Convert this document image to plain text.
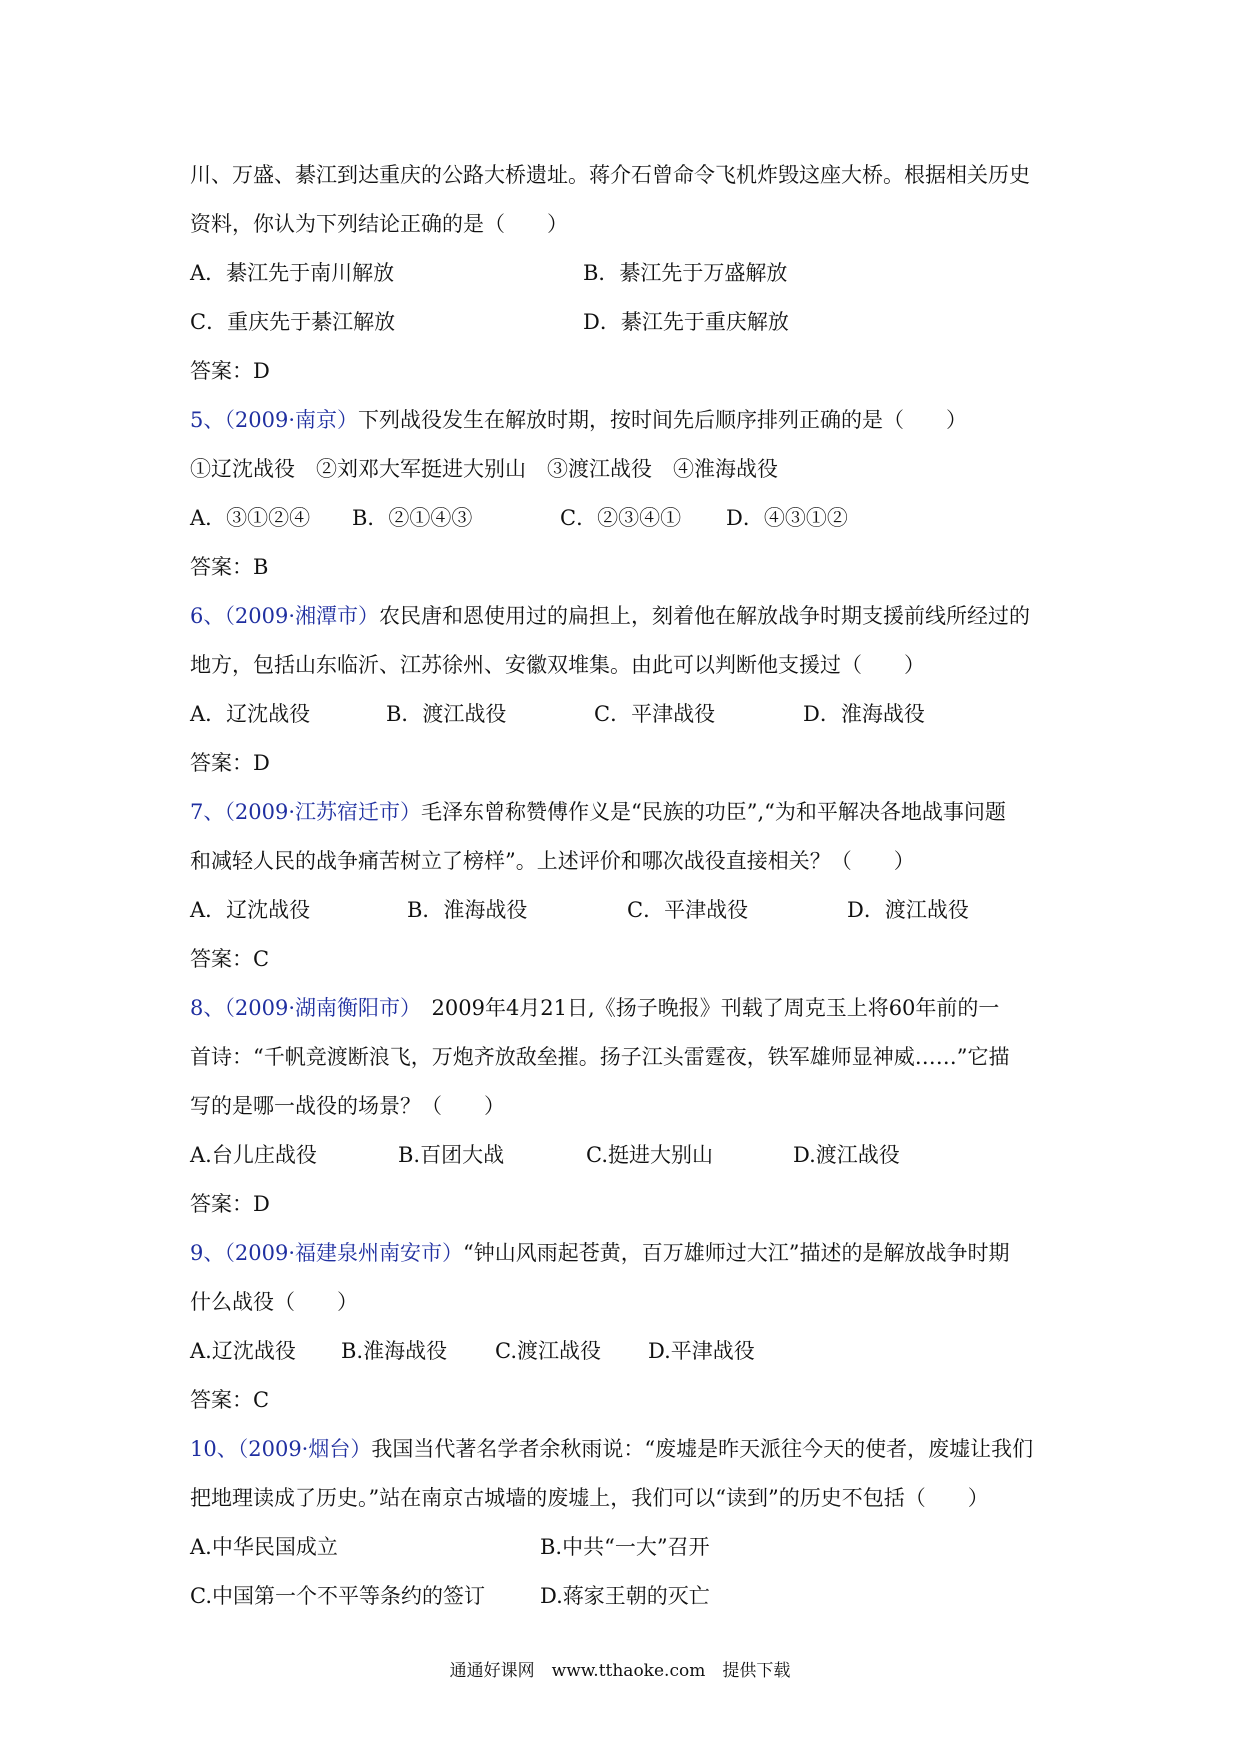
川、万盛、綦江到达重庆的公路大桥遗址。蒋介石曾命令飞机炸毁这座大桥。根据相关历史
资料，你认为下列结论正确的是（　　）
A．綦江先于南川解放	B．綦江先于万盛解放
C．重庆先于綦江解放	D．綦江先于重庆解放
答案：D
5、（2009·南京）下列战役发生在解放时期，按时间先后顺序排列正确的是（　　）
①辽沈战役　②刘邓大军挺进大别山　③渡江战役　④淮海战役
A．③①②④ B．②①④③	C．②③④① D．④③①②
答案：B
6、（2009·湘潭市）农民唐和恩使用过的扁担上，刻着他在解放战争时期支援前线所经过的
地方，包括山东临沂、江苏徐州、安徽双堆集。由此可以判断他支援过（　　）
A．辽沈战役	B．渡江战役	C．平津战役	D．淮海战役
答案：D
7、（2009·江苏宿迁市）毛泽东曾称赞傅作义是“民族的功臣”,“为和平解决各地战事问题
和减轻人民的战争痛苦树立了榜样”。上述评价和哪次战役直接相关？（　　）
A．辽沈战役	B．淮海战役	C．平津战役	D．渡江战役
答案：C
8、（2009·湖南衡阳市）　2009年4月21日,《扬子晚报》刊载了周克玉上将60年前的一
首诗：“千帆竞渡断浪飞，万炮齐放敌垒摧。扬子江头雷霆夜，铁军雄师显神威……”它描
写的是哪一战役的场景？（　　）
A.台儿庄战役	B.百团大战	C.挺进大别山	D.渡江战役
答案：D
9、（2009·福建泉州南安市）“钟山风雨起苍黄，百万雄师过大江”描述的是解放战争时期
什么战役（　　）
A.辽沈战役 B.淮海战役 C.渡江战役 D.平津战役
答案：C
10、（2009·烟台）我国当代著名学者余秋雨说：“废墟是昨天派往今天的使者，废墟让我们
把地理读成了历史。”站在南京古城墙的废墟上，我们可以“读到”的历史不包括（　　）
A.中华民国成立	B.中共“一大”召开
C.中国第一个不平等条约的签订	D.蒋家王朝的灭亡
通通好课网　www.tthaoke.com　提供下载
